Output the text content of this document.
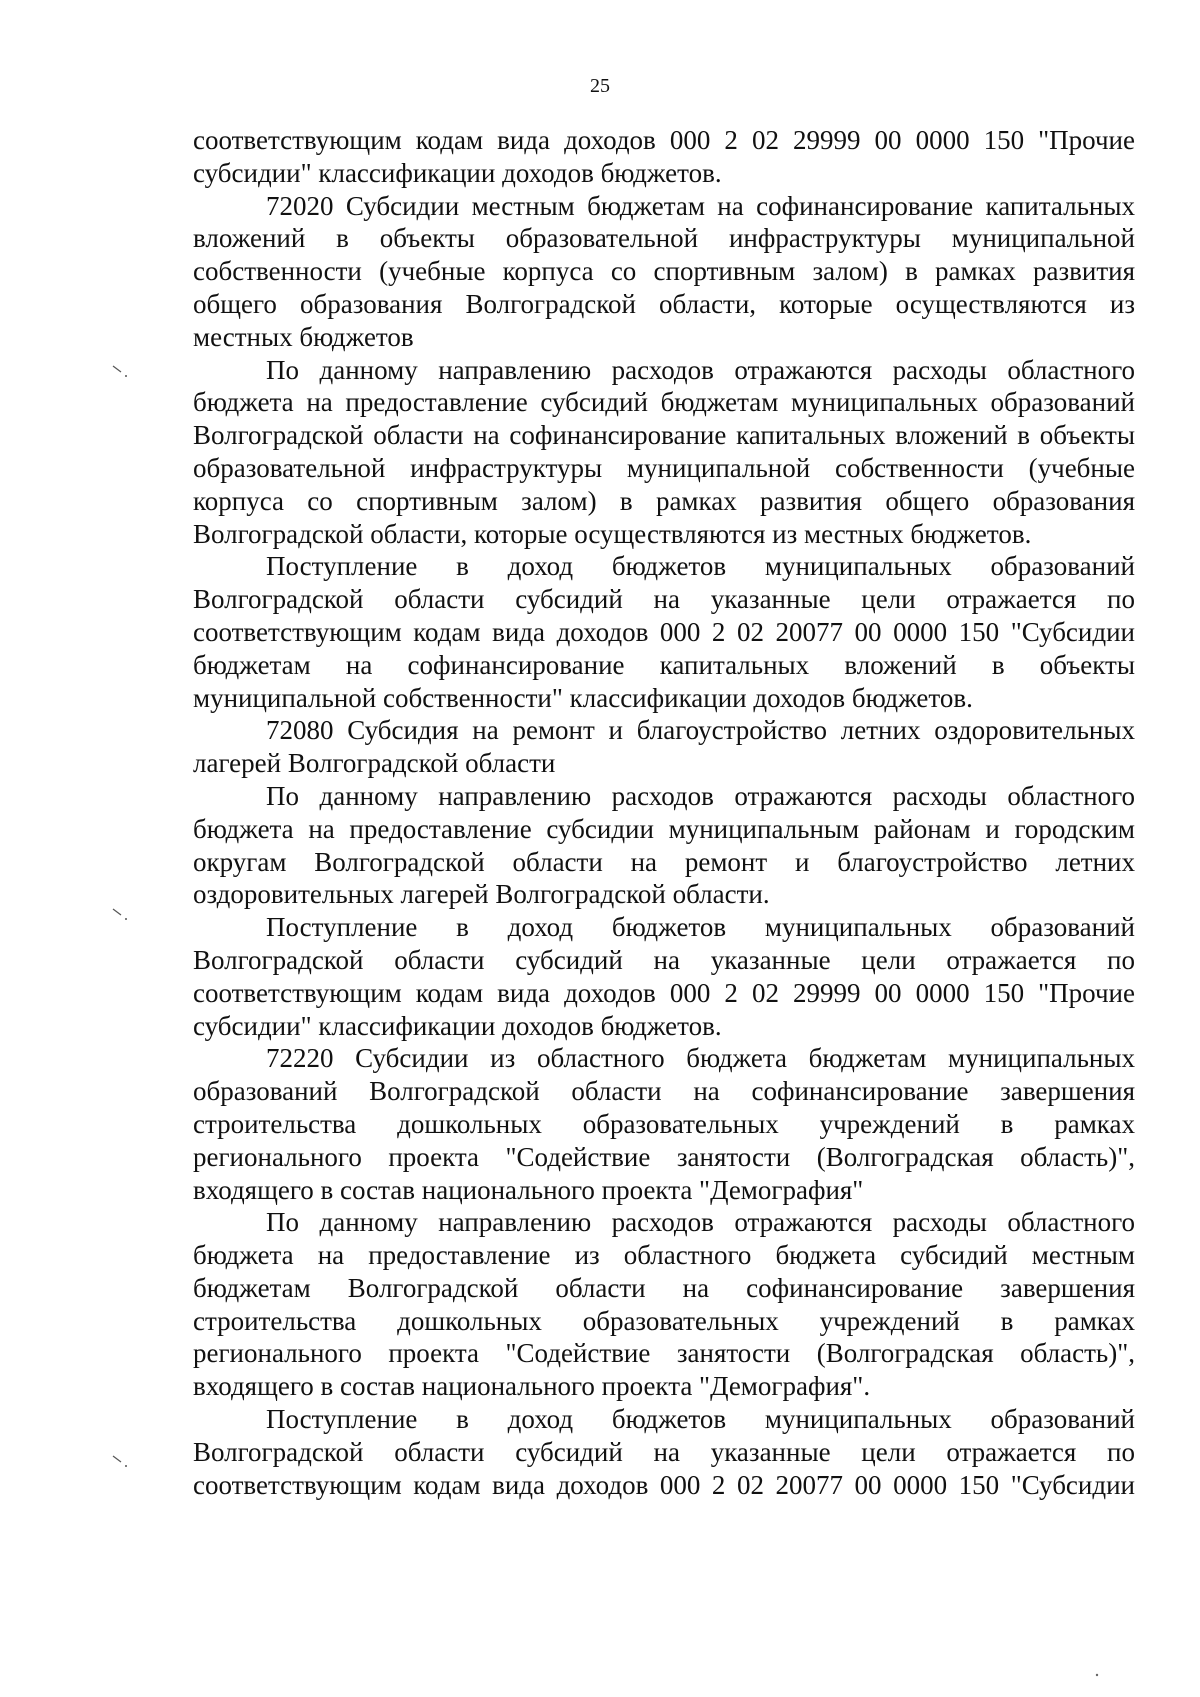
25

соответствующим кодам вида доходов 000 2 02 29999 00 0000 150 "Прочие субсидии" классификации доходов бюджетов.

72020 Субсидии местным бюджетам на софинансирование капитальных вложений в объекты образовательной инфраструктуры муниципальной собственности (учебные корпуса со спортивным залом) в рамках развития общего образования Волгоградской области, которые осуществляются из местных бюджетов

По данному направлению расходов отражаются расходы областного бюджета на предоставление субсидий бюджетам муниципальных образований Волгоградской области на софинансирование капитальных вложений в объекты образовательной инфраструктуры муниципальной собственности (учебные корпуса со спортивным залом) в рамках развития общего образования Волгоградской области, которые осуществляются из местных бюджетов.

Поступление в доход бюджетов муниципальных образований Волгоградской области субсидий на указанные цели отражается по соответствующим кодам вида доходов 000 2 02 20077 00 0000 150 "Субсидии бюджетам на софинансирование капитальных вложений в объекты муниципальной собственности" классификации доходов бюджетов.

72080 Субсидия на ремонт и благоустройство летних оздоровительных лагерей Волгоградской области

По данному направлению расходов отражаются расходы областного бюджета на предоставление субсидии муниципальным районам и городским округам Волгоградской области на ремонт и благоустройство летних оздоровительных лагерей Волгоградской области.

Поступление в доход бюджетов муниципальных образований Волгоградской области субсидий на указанные цели отражается по соответствующим кодам вида доходов 000 2 02 29999 00 0000 150 "Прочие субсидии" классификации доходов бюджетов.

72220 Субсидии из областного бюджета бюджетам муниципальных образований Волгоградской области на софинансирование завершения строительства дошкольных образовательных учреждений в рамках регионального проекта "Содействие занятости (Волгоградская область)", входящего в состав национального проекта "Демография"

По данному направлению расходов отражаются расходы областного бюджета на предоставление из областного бюджета субсидий местным бюджетам Волгоградской области на софинансирование завершения строительства дошкольных образовательных учреждений в рамках регионального проекта "Содействие занятости (Волгоградская область)", входящего в состав национального проекта "Демография".

Поступление в доход бюджетов муниципальных образований Волгоградской области субсидий на указанные цели отражается по соответствующим кодам вида доходов 000 2 02 20077 00 0000 150 "Субсидии
